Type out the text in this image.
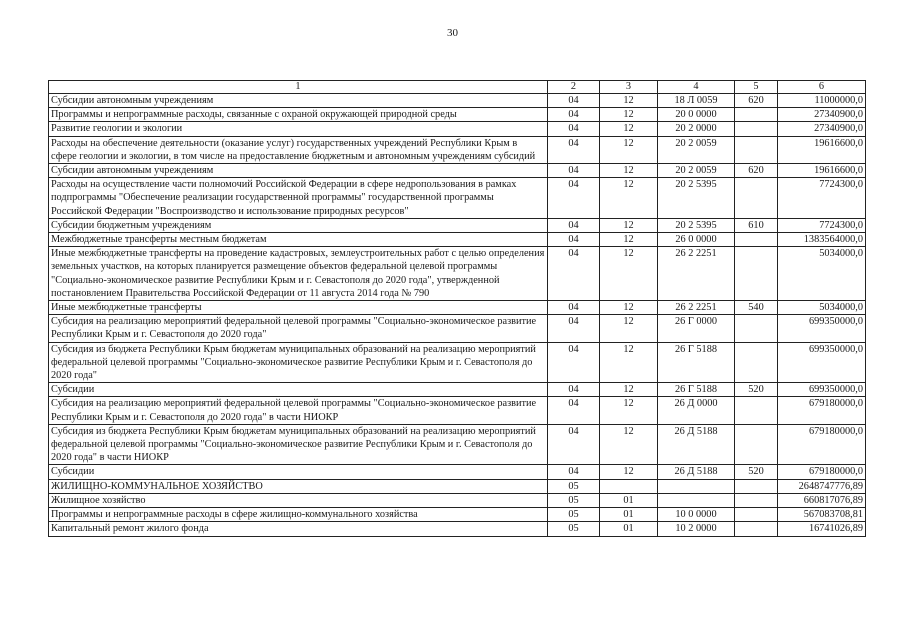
30
1	2	3	4	5	6
Субсидии автономным учреждениям	04	12	18 Л 0059	620	11000000,0
Программы и непрограммные расходы, связанные с охраной окружающей природной среды	04	12	20 0 0000		27340900,0
Развитие геологии и экологии	04	12	20 2 0000		27340900,0
Расходы на обеспечение деятельности (оказание услуг) государственных учреждений Республики Крым в сфере геологии и экологии, в том числе на предоставление бюджетным и автономным учреждениям субсидий	04	12	20 2 0059		19616600,0
Субсидии автономным учреждениям	04	12	20 2 0059	620	19616600,0
Расходы на осуществление части полномочий Российской Федерации в сфере недропользования в рамках подпрограммы "Обеспечение реализации государственной программы" государственной программы Российской Федерации "Воспроизводство и использование природных ресурсов"	04	12	20 2 5395		7724300,0
Субсидии бюджетным учреждениям	04	12	20 2 5395	610	7724300,0
Межбюджетные трансферты местным бюджетам	04	12	26 0 0000		1383564000,0
Иные межбюджетные трансферты на проведение кадастровых, землеустроительных работ с целью определения земельных участков, на которых планируется размещение объектов федеральной целевой программы "Социально-экономическое развитие Республики Крым и г. Севастополя до 2020 года", утвержденной постановлением Правительства Российской Федерации от 11 августа 2014 года № 790	04	12	26 2 2251		5034000,0
Иные межбюджетные трансферты	04	12	26 2 2251	540	5034000,0
Субсидия на реализацию мероприятий федеральной целевой программы "Социально-экономическое развитие Республики Крым и г. Севастополя до 2020 года"	04	12	26 Г 0000		699350000,0
Субсидия из бюджета Республики Крым бюджетам муниципальных образований на реализацию мероприятий федеральной целевой программы "Социально-экономическое развитие Республики Крым и г. Севастополя до 2020 года"	04	12	26 Г 5188		699350000,0
Субсидии	04	12	26 Г 5188	520	699350000,0
Субсидия на реализацию мероприятий федеральной целевой программы "Социально-экономическое развитие Республики Крым и г. Севастополя до 2020 года" в части НИОКР	04	12	26 Д 0000		679180000,0
Субсидия из бюджета Республики Крым бюджетам муниципальных образований на реализацию мероприятий федеральной целевой программы "Социально-экономическое развитие Республики Крым и г. Севастополя до 2020 года" в части НИОКР	04	12	26 Д 5188		679180000,0
Субсидии	04	12	26 Д 5188	520	679180000,0
ЖИЛИЩНО-КОММУНАЛЬНОЕ ХОЗЯЙСТВО	05				2648747776,89
Жилищное хозяйство	05	01			660817076,89
Программы и непрограммные расходы в сфере жилищно-коммунального хозяйства	05	01	10 0 0000		567083708,81
Капитальный ремонт жилого фонда	05	01	10 2 0000		16741026,89
